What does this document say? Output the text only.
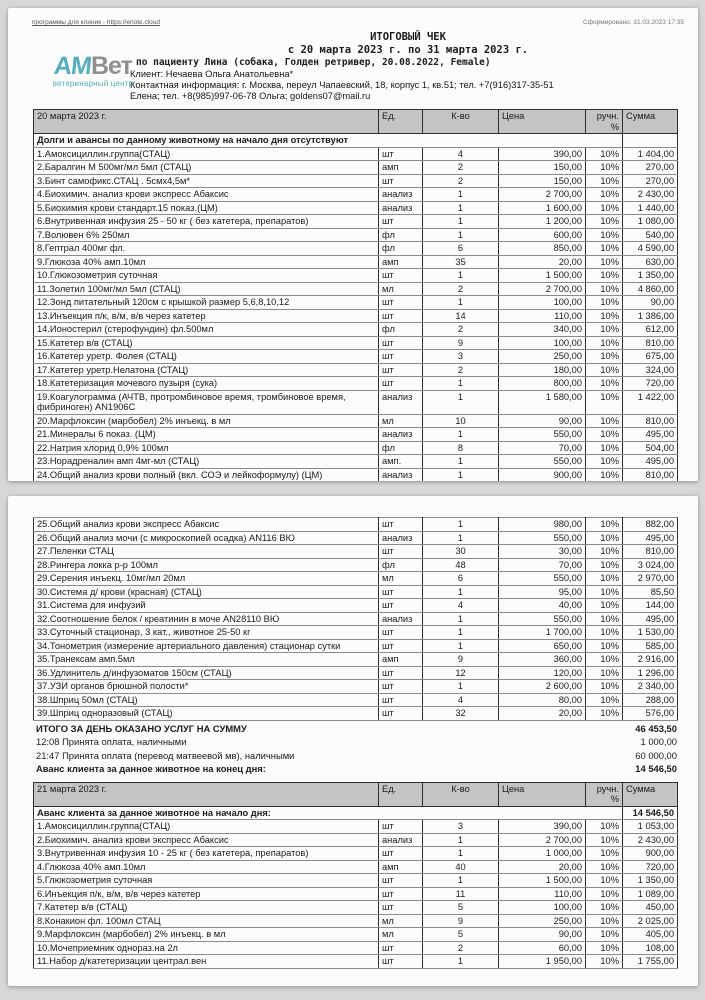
программы для клиник - https://enote.cloud	Сформировано: 31.03.2023 17:35
АМВет
ветеринарный центр
ИТОГОВЫЙ ЧЕК
с 20 марта 2023 г. по 31 марта 2023 г.
по пациенту Лина (собака, Голден ретривер, 20.08.2022, Female)
Клиент: Нечаева Ольга Анатольевна*
Контактная информация: г. Москва, переул Чапаевский, 18, корпус 1, кв.51; тел. +7(916)317-35-51
Елена; тел. +8(985)997-06-78 Ольга; goldens07@mail.ru
20 марта 2023 г.	Ед.	К-во	Цена	ручн.%	Сумма
Долги и авансы по данному животному на начало дня отсутствуют					
1.Амоксициллин.группа(СТАЦ)	шт	4	390,00	10%	1 404,00
2.Баралгин М 500мг/мл 5мл (СТАЦ)	амп	2	150,00	10%	270,00
3.Бинт самофикс.СТАЦ . 5смх4,5м*	шт	2	150,00	10%	270,00
4.Биохимич. анализ крови экспресс Абаксис	анализ	1	2 700,00	10%	2 430,00
5.Биохимия крови стандарт.15 показ.(ЦМ)	анализ	1	1 600,00	10%	1 440,00
6.Внутривенная инфузия 25 - 50 кг ( без катетера, препаратов)	шт	1	1 200,00	10%	1 080,00
7.Волювен 6% 250мл	фл	1	600,00	10%	540,00
8.Гептрал 400мг фл.	фл	6	850,00	10%	4 590,00
9.Глюкоза 40% амп.10мл	амп	35	20,00	10%	630,00
10.Глюкозометрия суточная	шт	1	1 500,00	10%	1 350,00
11.Золетил 100мг/мл 5мл (СТАЦ)	мл	2	2 700,00	10%	4 860,00
12.Зонд питательный 120см с крышкой размер 5,6,8,10,12	шт	1	100,00	10%	90,00
13.Инъекция п/к, в/м, в/в через катетер	шт	14	110,00	10%	1 386,00
14.Ионостерил (стерофундин) фл.500мл	фл	2	340,00	10%	612,00
15.Катетер в/в (СТАЦ)	шт	9	100,00	10%	810,00
16.Катетер уретр. Фолея (СТАЦ)	шт	3	250,00	10%	675,00
17.Катетер уретр.Нелатона (СТАЦ)	шт	2	180,00	10%	324,00
18.Катетеризация мочевого пузыря (сука)	шт	1	800,00	10%	720,00
19.Коагулограмма (АЧТВ, протромбиновое время, тромбиновое время, фибриноген) AN1906С	анализ	1	1 580,00	10%	1 422,00
20.Марфлоксин (марбобел) 2% инъекц. в мл	мл	10	90,00	10%	810,00
21.Минералы 6 показ. (ЦМ)	анализ	1	550,00	10%	495,00
22.Натрия хлорид 0,9% 100мл	фл	8	70,00	10%	504,00
23.Норадреналин амп 4мг-мл (СТАЦ)	амп.	1	550,00	10%	495,00
24.Общий анализ крови полный (вкл. СОЭ и лейкоформулу) (ЦМ)	анализ	1	900,00	10%	810,00
25.Общий анализ крови экспресс Абаксис	шт	1	980,00	10%	882,00
26.Общий анализ мочи (с микроскопией осадка) AN116 ВЮ	анализ	1	550,00	10%	495,00
27.Пеленки СТАЦ	шт	30	30,00	10%	810,00
28.Рингера локка р-р 100мл	фл	48	70,00	10%	3 024,00
29.Серения инъекц. 10мг/мл 20мл	мл	6	550,00	10%	2 970,00
30.Система д/ крови (красная) (СТАЦ)	шт	1	95,00	10%	85,50
31.Система для инфузий	шт	4	40,00	10%	144,00
32.Соотношение белок / креатинин в моче AN28110 ВЮ	анализ	1	550,00	10%	495,00
33.Суточный стационар, 3 кат., животное 25-50 кг	шт	1	1 700,00	10%	1 530,00
34.Тонометрия (измерение артериального давления) стационар сутки	шт	1	650,00	10%	585,00
35.Транексам амп.5мл	амп	9	360,00	10%	2 916,00
36.Удлинитель д/инфузоматов 150см (СТАЦ)	шт	12	120,00	10%	1 296,00
37.УЗИ органов брюшной полости*	шт	1	2 600,00	10%	2 340,00
38.Шприц 50мл (СТАЦ)	шт	4	80,00	10%	288,00
39.Шприц одноразовый (СТАЦ)	шт	32	20,00	10%	576,00
ИТОГО ЗА ДЕНЬ ОКАЗАНО УСЛУГ НА СУММУ	46 453,50
12:08 Принята оплата, наличными	1 000,00
21:47 Принята оплата (перевод матвеевой мв), наличными	60 000,00
Аванс клиента за данное животное на конец дня:	14 546,50
21 марта 2023 г.	Ед.	К-во	Цена	ручн.%	Сумма
Аванс клиента за данное животное на начало дня:					14 546,50
1.Амоксициллин.группа(СТАЦ)	шт	3	390,00	10%	1 053,00
2.Биохимич. анализ крови экспресс Абаксис	анализ	1	2 700,00	10%	2 430,00
3.Внутривенная инфузия 10 - 25 кг ( без катетера, препаратов)	шт	1	1 000,00	10%	900,00
4.Глюкоза 40% амп.10мл	амп	40	20,00	10%	720,00
5.Глюкозометрия суточная	шт	1	1 500,00	10%	1 350,00
6.Инъекция п/к, в/м, в/в через катетер	шт	11	110,00	10%	1 089,00
7.Катетер в/в (СТАЦ)	шт	5	100,00	10%	450,00
8.Конакион фл. 100мл СТАЦ	мл	9	250,00	10%	2 025,00
9.Марфлоксин (марбобел) 2% инъекц. в мл	мл	5	90,00	10%	405,00
10.Мочеприемник однораз.на 2л	шт	2	60,00	10%	108,00
11.Набор д/катетеризации централ.вен	шт	1	1 950,00	10%	1 755,00
